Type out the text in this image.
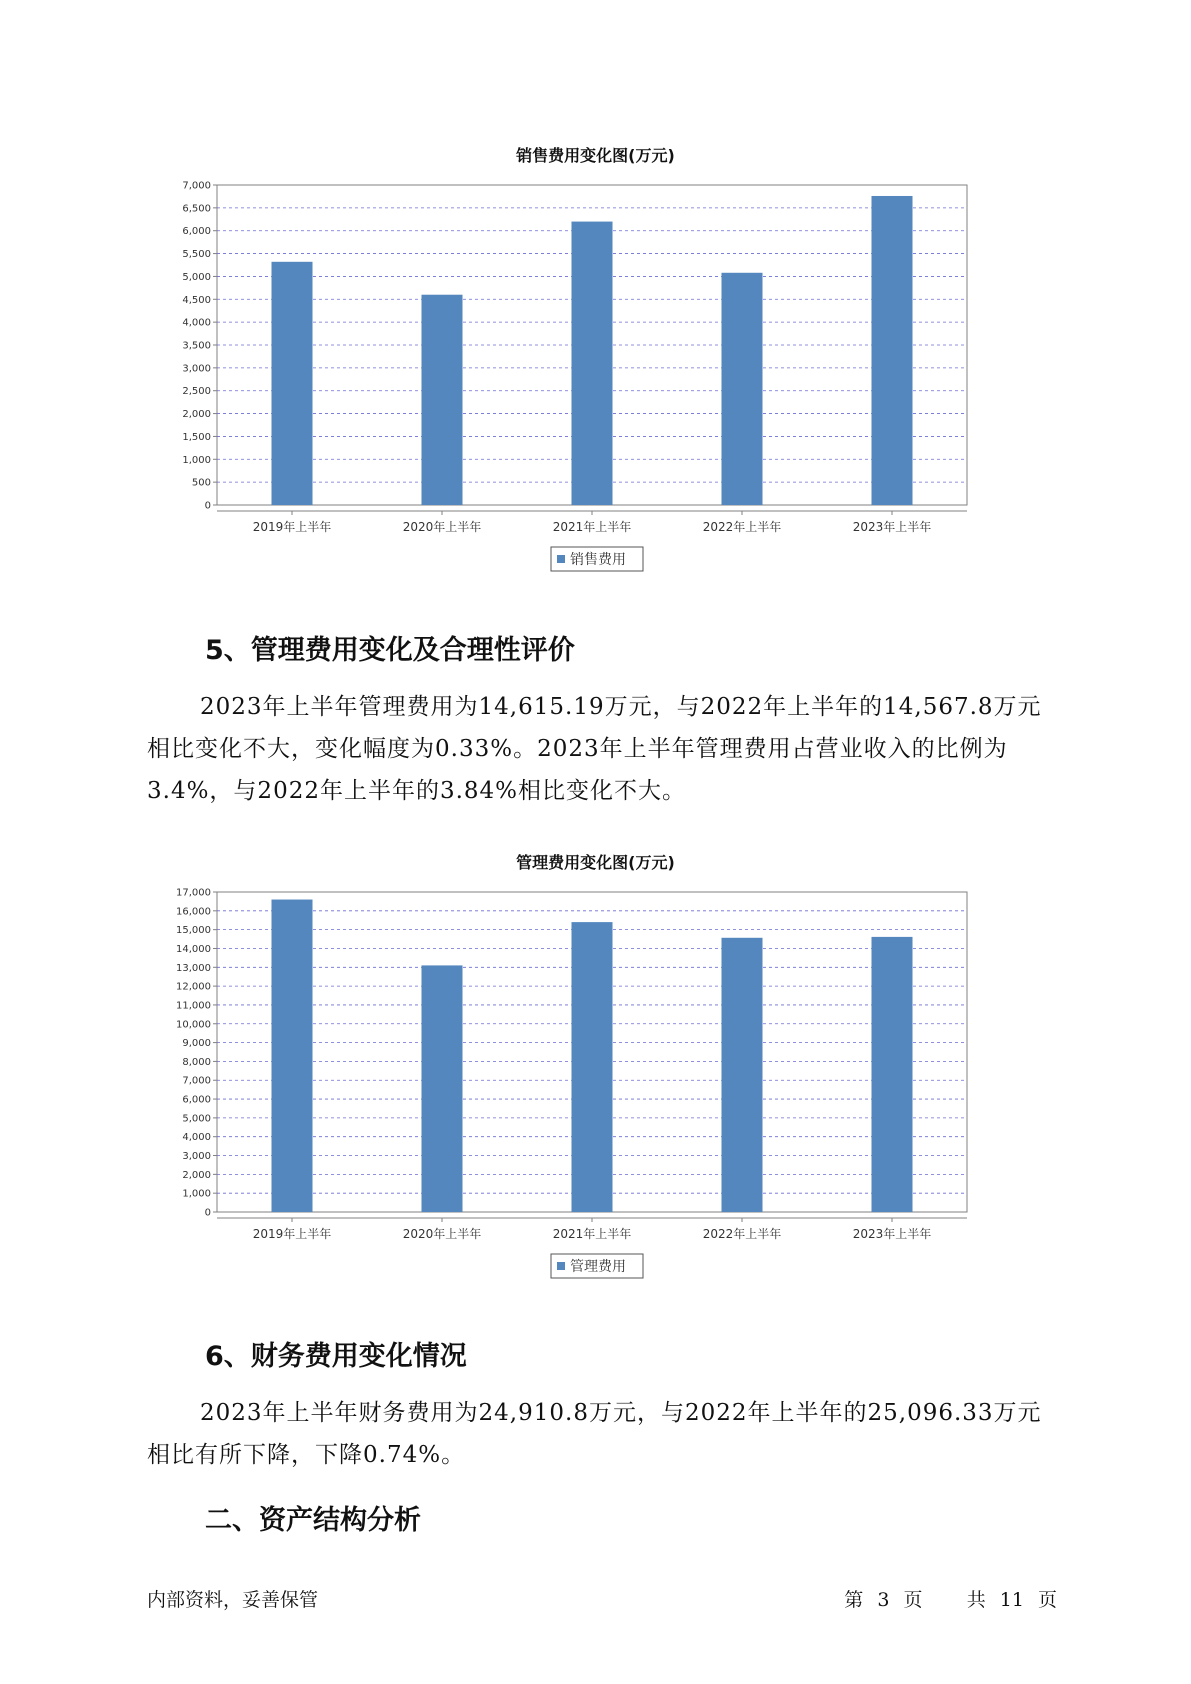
销售费用变化图(万元)
0
500
1,000
1,500
2,000
2,500
3,000
3,500
4,000
4,500
5,000
5,500
6,000
6,500
7,000
2019年上半年	2020年上半年	2021年上半年	2022年上半年	2023年上半年
销售费用
5、管理费用变化及合理性评价
2023年上半年管理费用为14,615.19万元，与2022年上半年的14,567.8万元相比变化不大，变化幅度为0.33%。2023年上半年管理费用占营业收入的比例为3.4%，与2022年上半年的3.84%相比变化不大。
管理费用变化图(万元)
0
1,000
2,000
3,000
4,000
5,000
6,000
7,000
8,000
9,000
10,000
11,000
12,000
13,000
14,000
15,000
16,000
17,000
2019年上半年	2020年上半年	2021年上半年	2022年上半年	2023年上半年
管理费用
6、财务费用变化情况
2023年上半年财务费用为24,910.8万元，与2022年上半年的25,096.33万元相比有所下降，下降0.74%。
二、资产结构分析
内部资料，妥善保管	第 3 页 共 11 页
